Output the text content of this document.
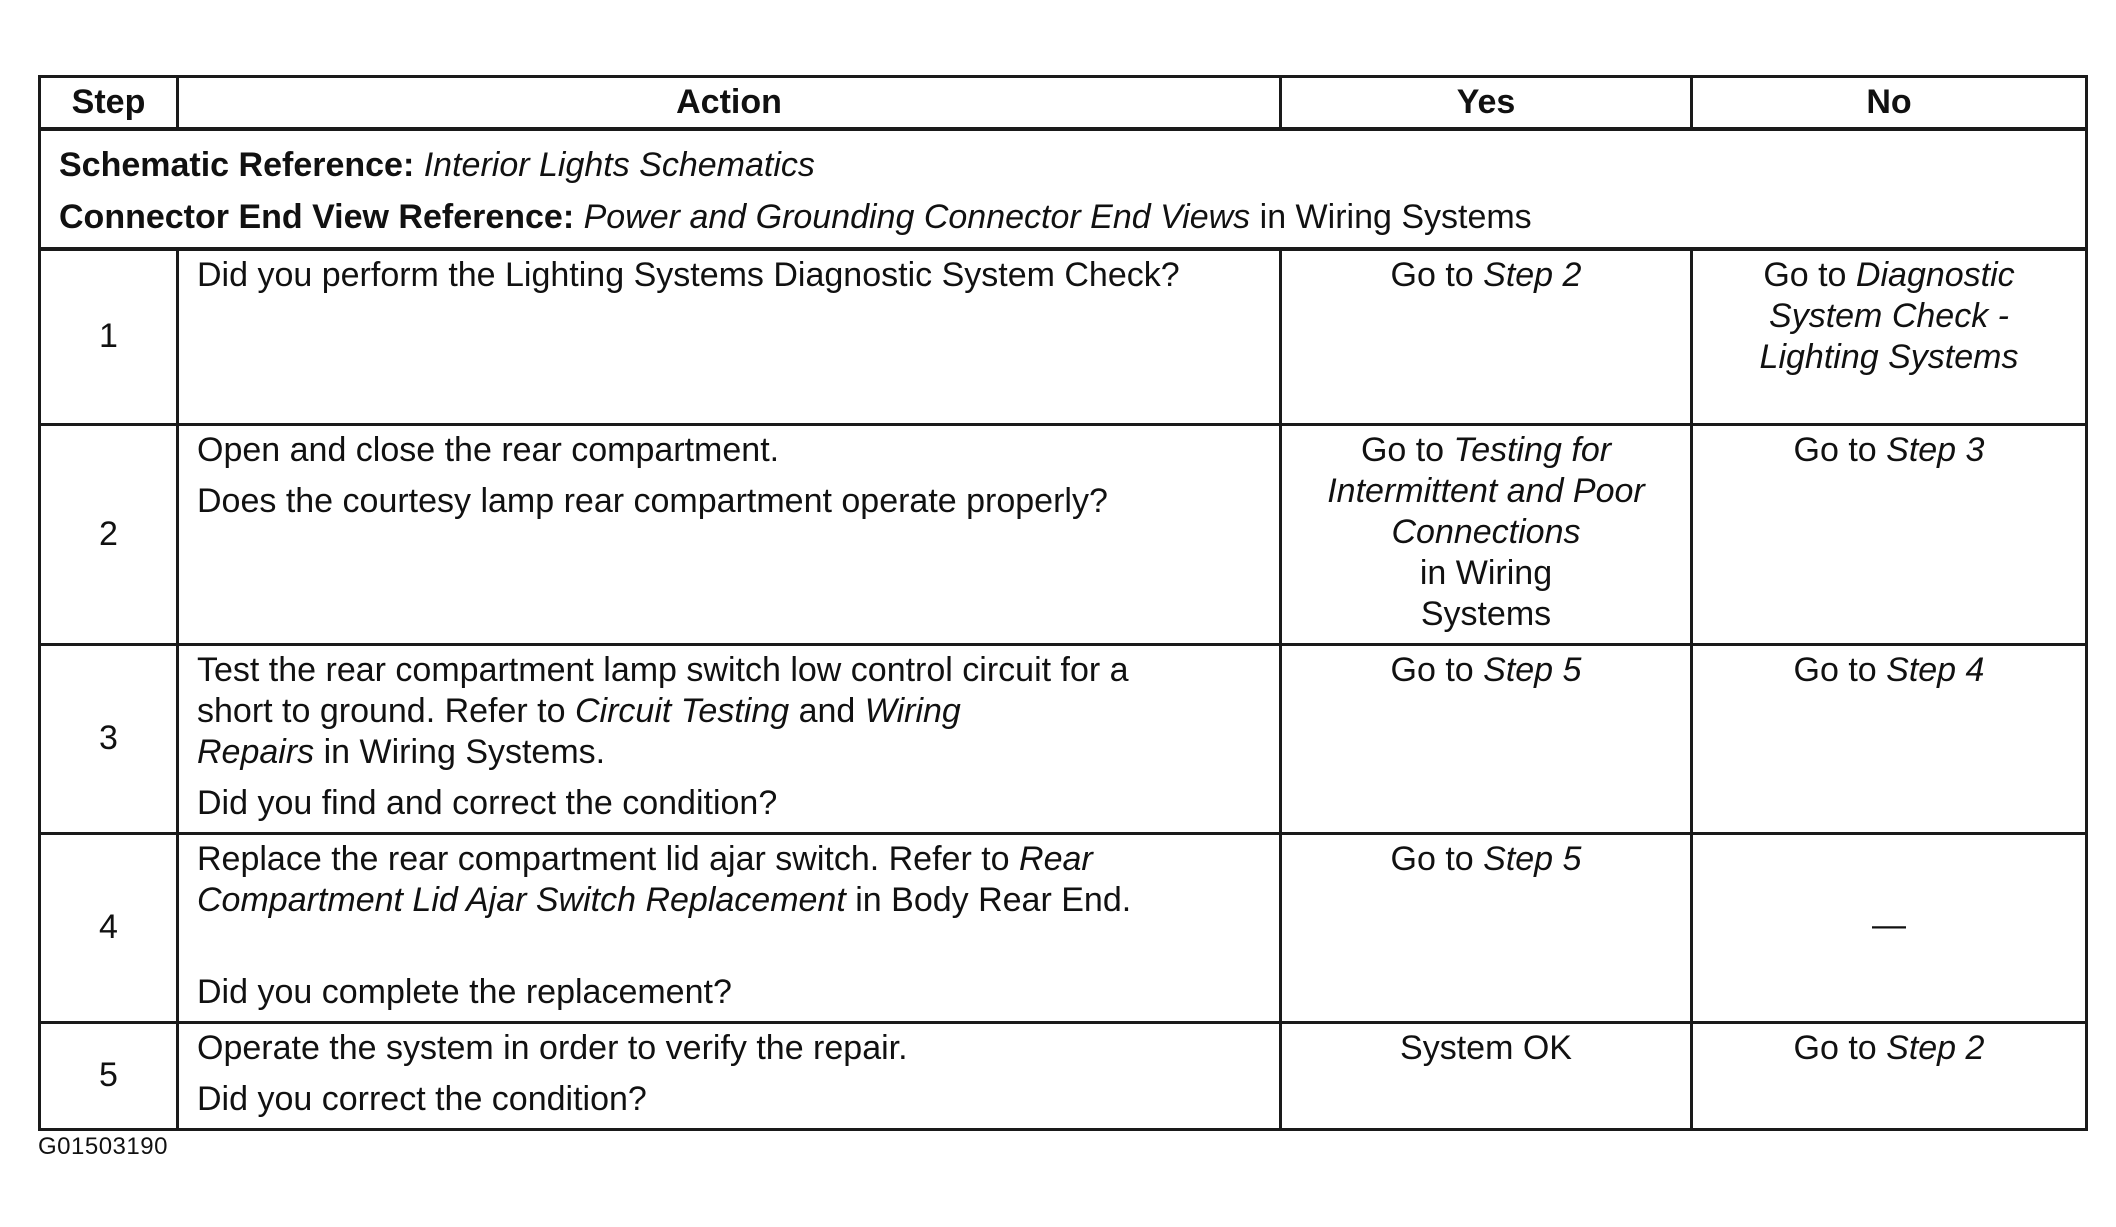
Step	Action	Yes	No

Schematic Reference: Interior Lights Schematics
Connector End View Reference: Power and Grounding Connector End Views in Wiring Systems			

1	Did you perform the Lighting Systems Diagnostic System Check?	Go to Step 2	Go to Diagnostic
System Check -
Lighting Systems

2	Open and close the rear compartment.
Does the courtesy lamp rear compartment operate properly?	Go to Testing for
Intermittent and Poor
Connections
in Wiring
Systems	Go to Step 3

3	Test the rear compartment lamp switch low control circuit for a
short to ground. Refer to Circuit Testing and Wiring
Repairs in Wiring Systems.
Did you find and correct the condition?	Go to Step 5	Go to Step 4

4	Replace the rear compartment lid ajar switch. Refer to Rear
Compartment Lid Ajar Switch Replacement in Body Rear End.
Did you complete the replacement?	Go to Step 5	—
5	Operate the system in order to verify the repair.
Did you correct the condition?	System OK	Go to Step 2
G01503190
